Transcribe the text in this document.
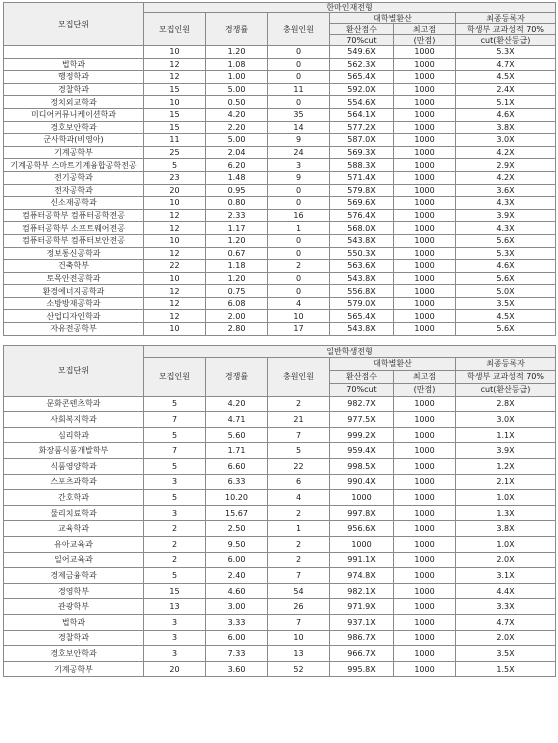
모집단위	한마인재전형					
	모집인원	경쟁률	충원인원	대학별환산		최종등록자
				환산점수	최고점	학생부 교과성적 70%
				70%cut	(만점)	cut(환산등급)
	10	1.20	0	549.6X	1000	5.3X
법학과	12	1.08	0	562.3X	1000	4.7X
행정학과	12	1.00	0	565.4X	1000	4.5X
경찰학과	15	5.00	11	592.0X	1000	2.4X
정치외교학과	10	0.50	0	554.6X	1000	5.1X
미디어커뮤니케이션학과	15	4.20	35	564.1X	1000	4.6X
경호보안학과	15	2.20	14	577.2X	1000	3.8X
군사학과(비영아)	11	5.00	9	587.0X	1000	3.0X
기계공학부	25	2.04	24	569.3X	1000	4.2X
기계공학부 스마트기계융합공학전공	5	6.20	3	588.3X	1000	2.9X
전기공학과	23	1.48	9	571.4X	1000	4.2X
전자공학과	20	0.95	0	579.8X	1000	3.6X
신소재공학과	10	0.80	0	569.6X	1000	4.3X
컴퓨터공학부 컴퓨터공학전공	12	2.33	16	576.4X	1000	3.9X
컴퓨터공학부 소프트웨어전공	12	1.17	1	568.0X	1000	4.3X
컴퓨터공학부 컴퓨터보안전공	10	1.20	0	543.8X	1000	5.6X
정보통신공학과	12	0.67	0	550.3X	1000	5.3X
건축학부	22	1.18	2	563.6X	1000	4.6X
토목안전공학과	10	1.20	0	543.8X	1000	5.6X
환경에너지공학과	12	0.75	0	556.8X	1000	5.0X
소방방재공학과	12	6.08	4	579.0X	1000	3.5X
산업디자인학과	12	2.00	10	565.4X	1000	4.5X
자유전공학부	10	2.80	17	543.8X	1000	5.6X
모집단위	일반학생전형					
	모집인원	경쟁률	충원인원	대학별환산		최종등록자
				환산점수	최고점	학생부 교과성적 70%
				70%cut	(만점)	cut(환산등급)
문화콘텐츠학과	5	4.20	2	982.7X	1000	2.8X
사회복지학과	7	4.71	21	977.5X	1000	3.0X
심리학과	5	5.60	7	999.2X	1000	1.1X
화장품식품개발학부	7	1.71	5	959.4X	1000	3.9X
식품영양학과	5	6.60	22	998.5X	1000	1.2X
스포츠과학과	3	6.33	6	990.4X	1000	2.1X
간호학과	5	10.20	4	1000	1000	1.0X
물리치료학과	3	15.67	2	997.8X	1000	1.3X
교육학과	2	2.50	1	956.6X	1000	3.8X
유아교육과	2	9.50	2	1000	1000	1.0X
일어교육과	2	6.00	2	991.1X	1000	2.0X
경제금융학과	5	2.40	7	974.8X	1000	3.1X
경영학부	15	4.60	54	982.1X	1000	4.4X
관광학부	13	3.00	26	971.9X	1000	3.3X
법학과	3	3.33	7	937.1X	1000	4.7X
경찰학과	3	6.00	10	986.7X	1000	2.0X
경호보안학과	3	7.33	13	966.7X	1000	3.5X
기계공학부	20	3.60	52	995.8X	1000	1.5X
